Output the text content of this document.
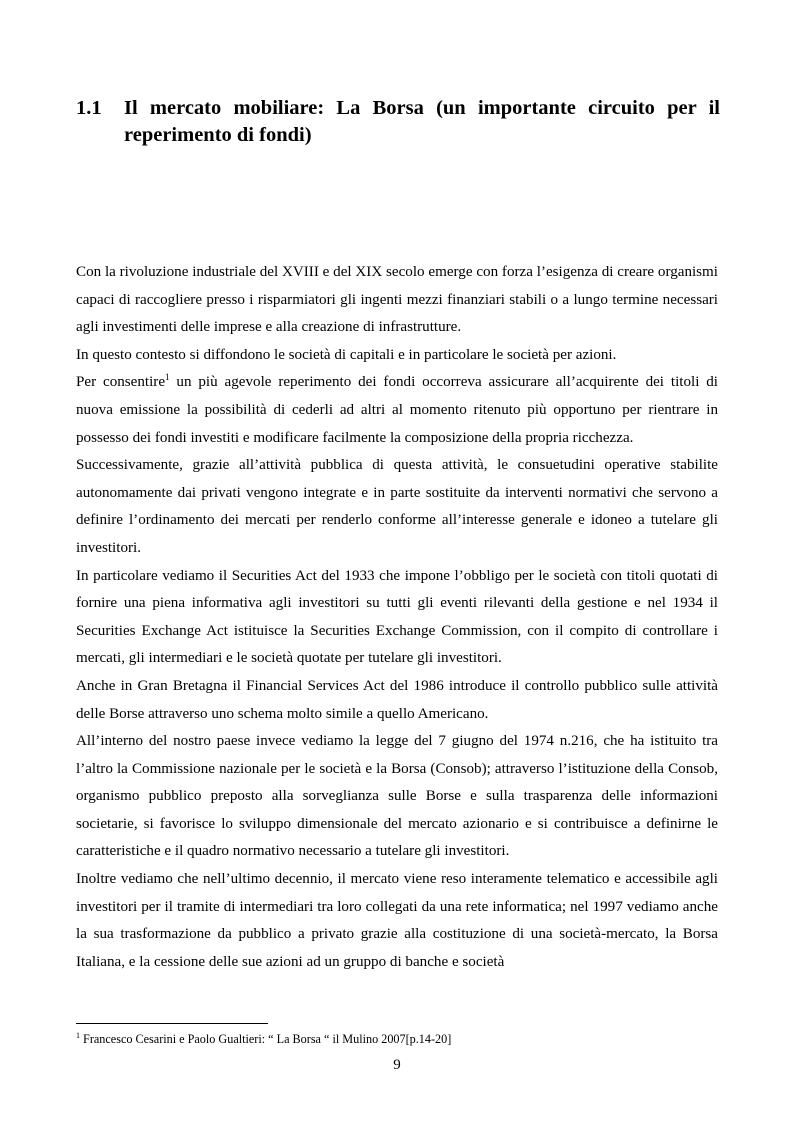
1.1	Il mercato mobiliare: La Borsa (un importante circuito per il reperimento di fondi)

Con la rivoluzione industriale del XVIII e del XIX secolo emerge con forza l’esigenza di creare organismi capaci di raccogliere presso i risparmiatori gli ingenti mezzi finanziari stabili o a lungo termine necessari agli investimenti delle imprese e alla creazione di infrastrutture.

In questo contesto si diffondono le società di capitali e in particolare le società per azioni.

Per consentire$^1$ un più agevole reperimento dei fondi occorreva assicurare all’acquirente dei titoli di nuova emissione la possibilità di cederli ad altri al momento ritenuto più opportuno per rientrare in possesso dei fondi investiti e modificare facilmente la composizione della propria ricchezza.

Successivamente, grazie all’attività pubblica di questa attività, le consuetudini operative stabilite autonomamente dai privati vengono integrate e in parte sostituite da interventi normativi che servono a definire l’ordinamento dei mercati per renderlo conforme all’interesse generale e idoneo a tutelare gli investitori.

In particolare vediamo il Securities Act del 1933 che impone l’obbligo per le società con titoli quotati di fornire una piena informativa agli investitori su tutti gli eventi rilevanti della gestione e nel 1934 il Securities Exchange Act istituisce la Securities Exchange Commission, con il compito di controllare i mercati, gli intermediari e le società quotate per tutelare gli investitori.

Anche in Gran Bretagna il Financial Services Act del 1986 introduce il controllo pubblico sulle attività delle Borse attraverso uno schema molto simile a quello Americano.

All’interno del nostro paese invece vediamo la legge del 7 giugno del 1974 n.216, che ha istituito tra l’altro la Commissione nazionale per le società e la Borsa (Consob); attraverso l’istituzione della Consob, organismo pubblico preposto alla sorveglianza sulle Borse e sulla trasparenza delle informazioni societarie, si favorisce lo sviluppo dimensionale del mercato azionario e si contribuisce a definirne le caratteristiche e il quadro normativo necessario a tutelare gli investitori.

Inoltre vediamo che nell’ultimo decennio, il mercato viene reso interamente telematico e accessibile agli investitori per il tramite di intermediari tra loro collegati da una rete informatica; nel 1997 vediamo anche la sua trasformazione da pubblico a privato grazie alla costituzione di una società-mercato, la Borsa Italiana, e la cessione delle sue azioni ad un gruppo di banche e società

$^1$ Francesco Cesarini e Paolo Gualtieri: “ La Borsa “ il Mulino 2007[p.14-20]
9
